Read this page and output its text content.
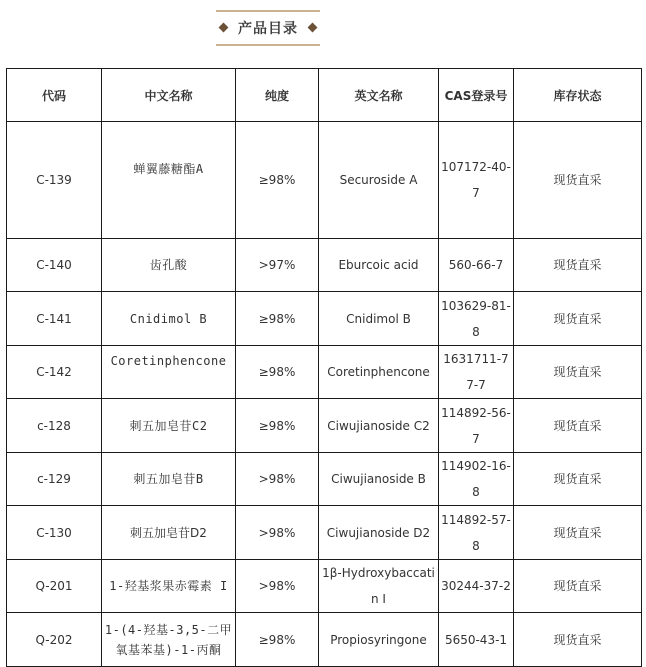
产品目录
代码	中文名称	纯度	英文名称	CAS登录号	库存状态
C-139	蝉翼藤糖酯A	≥98%	Securoside A	107172-40-7	现货直采
C-140	齿孔酸	>97%	Eburcoic acid	560-66-7	现货直采
C-141	Cnidimol B	≥98%	Cnidimol B	103629-81-8	现货直采
C-142	Coretinphencone	≥98%	Coretinphencone	1631711-77-7	现货直采
c-128	刺五加皂苷C2	≥98%	Ciwujianoside C2	114892-56-7	现货直采
c-129	刺五加皂苷B	>98%	Ciwujianoside B	114902-16-8	现货直采
C-130	刺五加皂苷D2	>98%	Ciwujianoside D2	114892-57-8	现货直采
Q-201	1-羟基浆果赤霉素 I	>98%	1β-Hydroxybaccatin I	30244-37-2	现货直采
Q-202	1-(4-羟基-3,5-二甲氧基苯基)-1-丙酮	≥98%	Propiosyringone	5650-43-1	现货直采
